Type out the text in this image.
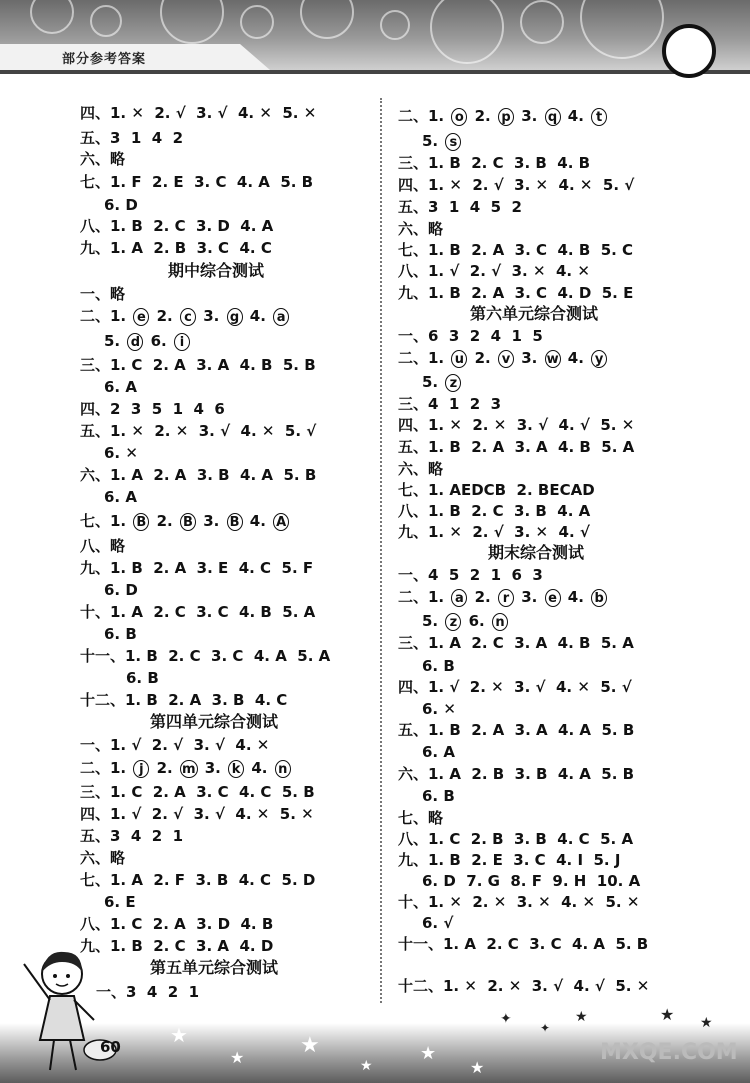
部分参考答案
四、1. ✕  2. √  3. √  4. ✕  5. ✕
五、3  1  4  2
六、略
七、1. F  2. E  3. C  4. A  5. B
6. D
八、1. B  2. C  3. D  4. A
九、1. A  2. B  3. C  4. C
期中综合测试
一、略
二、1. e 2. c 3. g 4. a
5. d 6. i
三、1. C  2. A  3. A  4. B  5. B
6. A
四、2  3  5  1  4  6
五、1. ✕  2. ✕  3. √  4. ✕  5. √
6. ✕
六、1. A  2. A  3. B  4. A  5. B
6. A
七、1. B 2. B 3. B 4. A
八、略
九、1. B  2. A  3. E  4. C  5. F
6. D
十、1. A  2. C  3. C  4. B  5. A
6. B
十一、1. B  2. C  3. C  4. A  5. A
6. B
十二、1. B  2. A  3. B  4. C
第四单元综合测试
一、1. √  2. √  3. √  4. ✕
二、1. j 2. m 3. k 4. n
三、1. C  2. A  3. C  4. C  5. B
四、1. √  2. √  3. √  4. ✕  5. ✕
五、3  4  2  1
六、略
七、1. A  2. F  3. B  4. C  5. D
6. E
八、1. C  2. A  3. D  4. B
九、1. B  2. C  3. A  4. D
第五单元综合测试
一、3  4  2  1
二、1. o 2. p 3. q 4. t
5. s
三、1. B  2. C  3. B  4. B
四、1. ✕  2. √  3. ✕  4. ✕  5. √
五、3  1  4  5  2
六、略
七、1. B  2. A  3. C  4. B  5. C
八、1. √  2. √  3. ✕  4. ✕
九、1. B  2. A  3. C  4. D  5. E
第六单元综合测试
一、6  3  2  4  1  5
二、1. u 2. v 3. w 4. y
5. z
三、4  1  2  3
四、1. ✕  2. ✕  3. √  4. √  5. ✕
五、1. B  2. A  3. A  4. B  5. A
六、略
七、1. AEDCB  2. BECAD
八、1. B  2. C  3. B  4. A
九、1. ✕  2. √  3. ✕  4. √
期末综合测试
一、4  5  2  1  6  3
二、1. a 2. r 3. e 4. b
5. z 6. n
三、1. A  2. C  3. A  4. B  5. A
6. B
四、1. √  2. ✕  3. √  4. ✕  5. √
6. ✕
五、1. B  2. A  3. A  4. A  5. B
6. A
六、1. A  2. B  3. B  4. A  5. B
6. B
七、略
八、1. C  2. B  3. B  4. C  5. A
九、1. B  2. E  3. C  4. I  5. J
6. D  7. G  8. F  9. H  10. A
十、1. ✕  2. ✕  3. ✕  4. ✕  5. ✕
6. √
十一、1. A  2. C  3. C  4. A  5. B
十二、1. ✕  2. ✕  3. √  4. √  5. ✕
★
★	★
★
★
✦
✦
★	★ ★
★
60	MXQE.COM
